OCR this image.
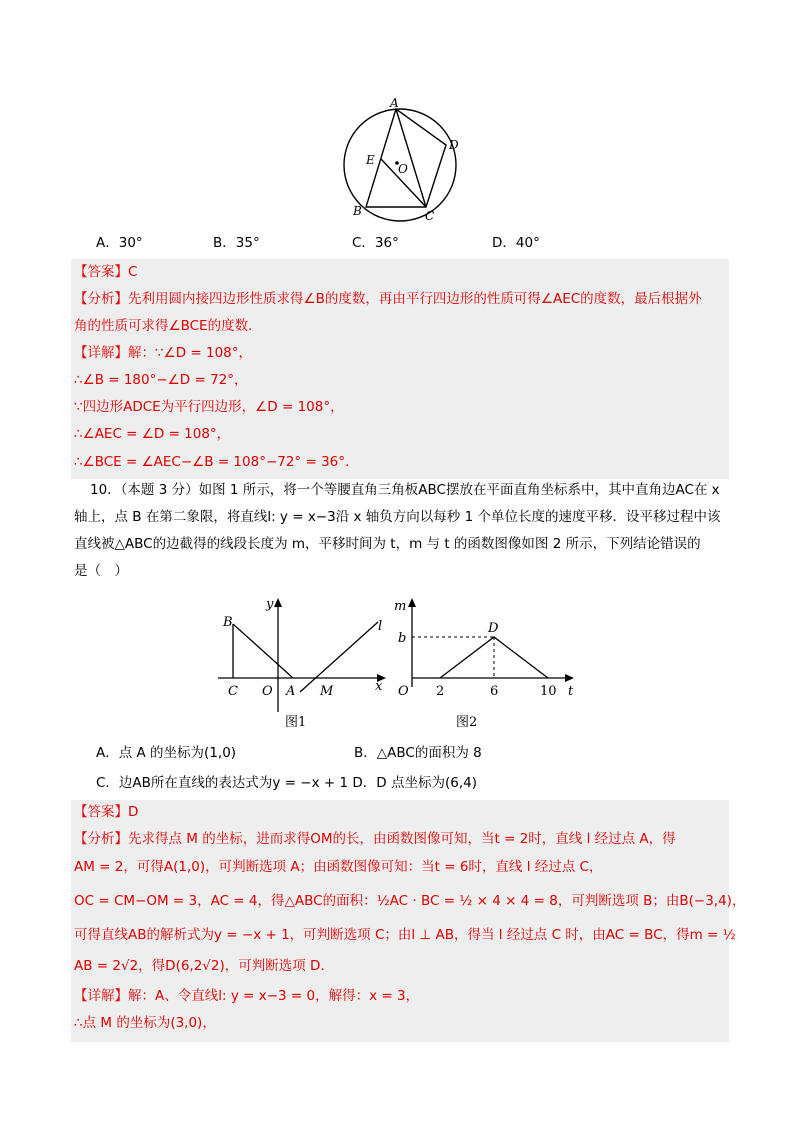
A
D
E
O
B	C
A．30°	B．35°	C．36°	D．40°
【答案】C
【分析】先利用圆内接四边形性质求得∠B的度数，再由平行四边形的性质可得∠AEC的度数，最后根据外
角的性质可求得∠BCE的度数．
【详解】解：∵∠D = 108°，
∴∠B = 180°−∠D = 72°，
∵四边形ADCE为平行四边形，∠D = 108°，
∴∠AEC = ∠D = 108°，
∴∠BCE = ∠AEC−∠B = 108°−72° = 36°.
10．（本题 3 分）如图 1 所示，将一个等腰直角三角板ABC摆放在平面直角坐标系中，其中直角边AC在 x
轴上，点 B 在第二象限，将直线l: y = x−3沿 x 轴负方向以每秒 1 个单位长度的速度平移．设平移过程中该
直线被△ABC的边截得的线段长度为 m，平移时间为 t，m 与 t 的函数图像如图 2 所示，下列结论错误的
是（　）
B
y
l
C O A M	x
图1
m
b
D
O 2	6	10 t
图2
A．点 A 的坐标为(1,0)	B．△ABC的面积为 8
C．边AB所在直线的表达式为y = −x + 1 D．D 点坐标为(6,4)
【答案】D
【分析】先求得点 M 的坐标，进而求得OM的长，由函数图像可知，当t = 2时，直线 l 经过点 A，得
AM = 2，可得A(1,0)，可判断选项 A；由函数图像可知：当t = 6时，直线 l 经过点 C，
OC = CM−OM = 3，AC = 4，得△ABC的面积：½AC · BC = ½ × 4 × 4 = 8，可判断选项 B；由B(−3,4)，
可得直线AB的解析式为y = −x + 1，可判断选项 C；由l ⊥ AB，得当 l 经过点 C 时，由AC = BC，得m = ½
AB = 2√2，得D(6,2√2)，可判断选项 D．
【详解】解：A、令直线l: y = x−3 = 0，解得：x = 3，
∴点 M 的坐标为(3,0)，
